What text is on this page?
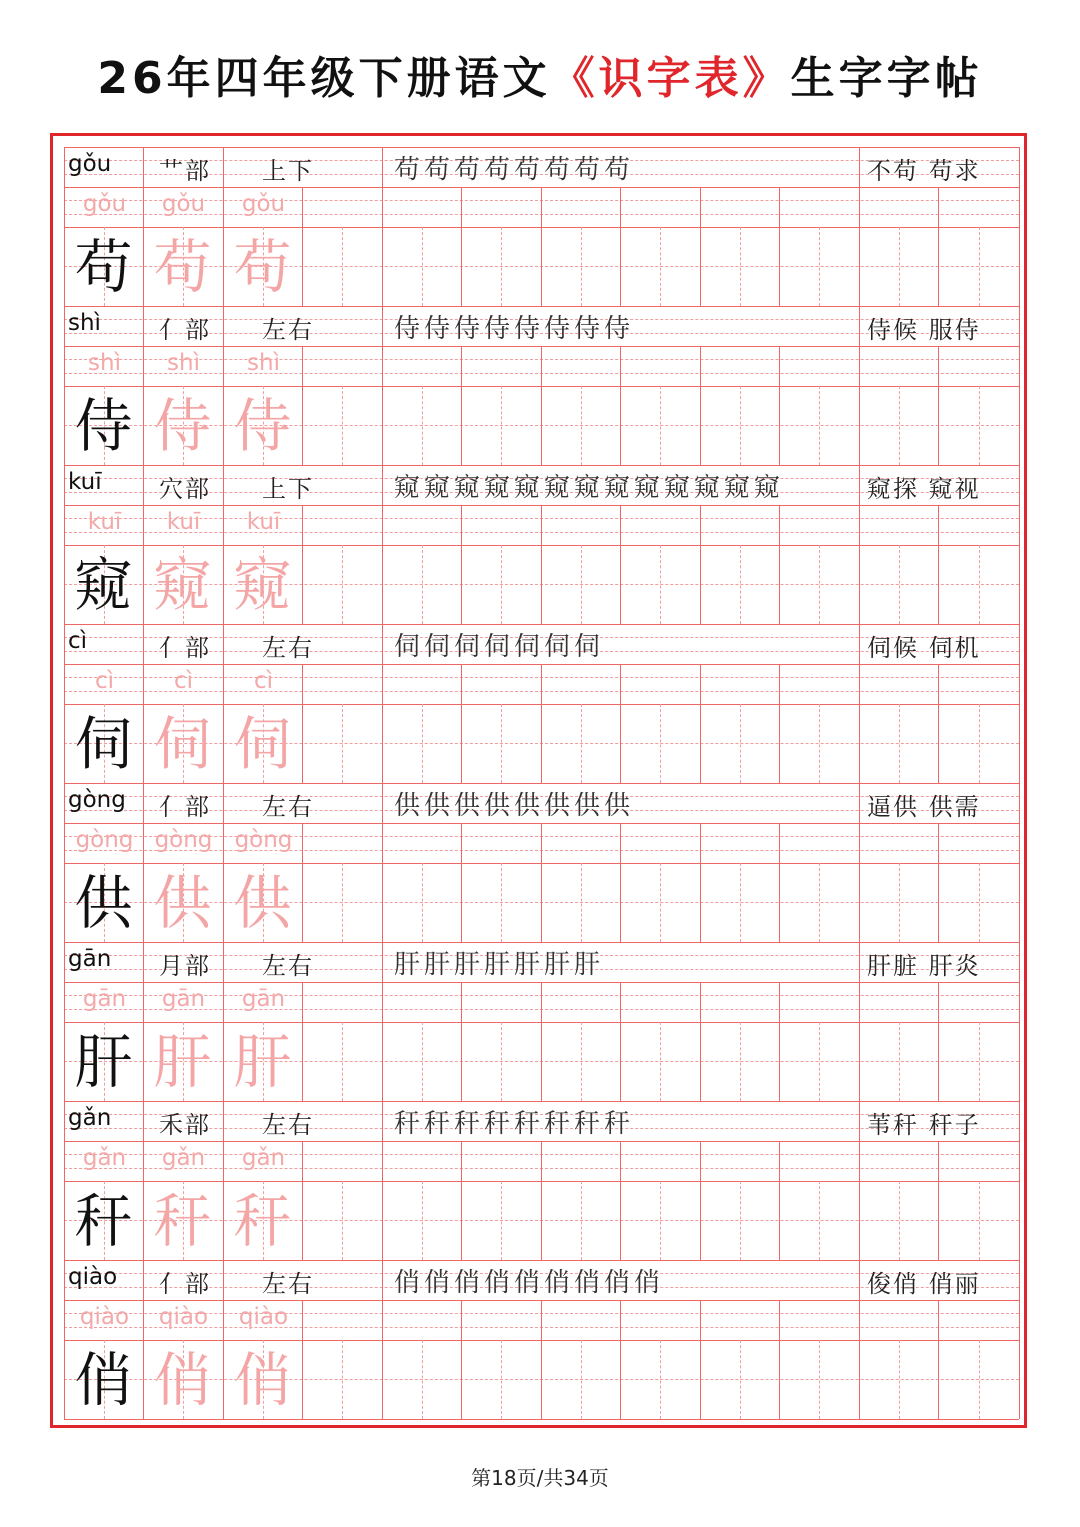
26年四年级下册语文《识字表》生字字帖
gǒu 艹部 上下	苟苟苟苟苟苟苟苟	不苟 苟求
gǒu	gǒu	gǒu
苟 苟 苟
shì 亻部 左右	侍侍侍侍侍侍侍侍	侍候 服侍
shì	shì	shì
侍 侍 侍
kuī 穴部 上下	窥窥窥窥窥窥窥窥窥窥窥窥窥	窥探 窥视
kuī	kuī	kuī
窥 窥 窥
cì	亻部 左右	伺伺伺伺伺伺伺	伺候 伺机
cì	cì	cì
伺 伺 伺
gòng 亻部 左右	供供供供供供供供	逼供 供需
gòng gòng gòng
供 供 供
gān 月部 左右	肝肝肝肝肝肝肝	肝脏 肝炎
gān	gān	gān
肝 肝 肝
gǎn 禾部 左右	秆秆秆秆秆秆秆秆	苇秆 秆子
gǎn	gǎn	gǎn
秆 秆 秆
qiào 亻部 左右	俏俏俏俏俏俏俏俏俏	俊俏 俏丽
qiào	qiào	qiào
俏 俏 俏
第18页/共34页
